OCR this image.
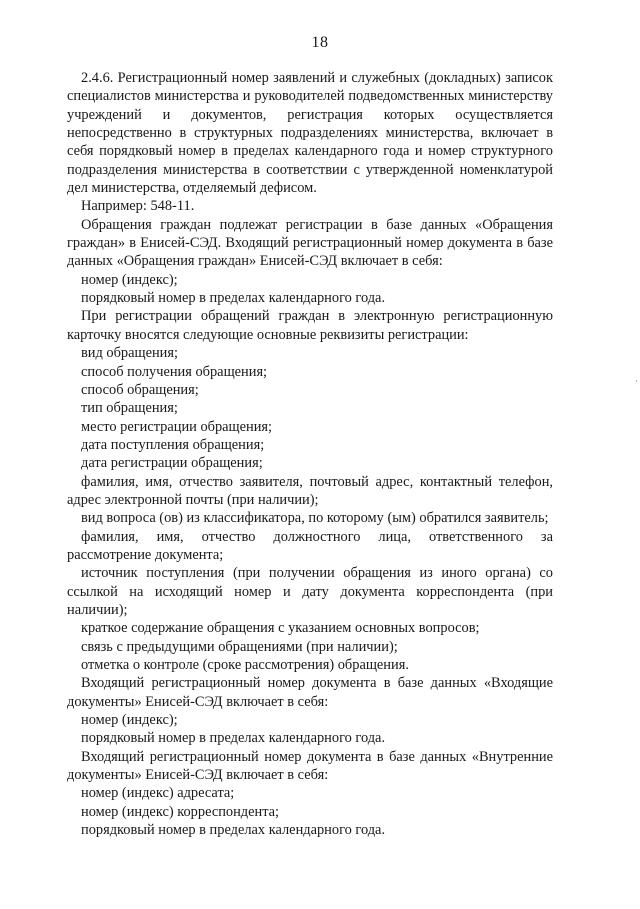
18

2.4.6. Регистрационный номер заявлений и служебных (докладных) записок специалистов министерства и руководителей подведомственных министерству учреждений и документов, регистрация которых осуществляется непосредственно в структурных подразделениях министерства, включает в себя порядковый номер в пределах календарного года и номер структурного подразделения министерства в соответствии с утвержденной номенклатурой дел министерства, отделяемый дефисом.

Например: 548-11.

Обращения граждан подлежат регистрации в базе данных «Обращения граждан» в Енисей-СЭД. Входящий регистрационный номер документа в базе данных «Обращения граждан» Енисей-СЭД включает в себя:

номер (индекс);

порядковый номер в пределах календарного года.

При регистрации обращений граждан в электронную регистрационную карточку вносятся следующие основные реквизиты регистрации:

вид обращения;

способ получения обращения;

способ обращения;

тип обращения;

место регистрации обращения;

дата поступления обращения;

дата регистрации обращения;

фамилия, имя, отчество заявителя, почтовый адрес, контактный телефон, адрес электронной почты (при наличии);

вид вопроса (ов) из классификатора, по которому (ым) обратился заявитель;

фамилия, имя, отчество должностного лица, ответственного за рассмотрение документа;

источник поступления (при получении обращения из иного органа) со ссылкой на исходящий номер и дату документа корреспондента (при наличии);

краткое содержание обращения с указанием основных вопросов;

связь с предыдущими обращениями (при наличии);

отметка о контроле (сроке рассмотрения) обращения.

Входящий регистрационный номер документа в базе данных «Входящие документы» Енисей-СЭД включает в себя:

номер (индекс);

порядковый номер в пределах календарного года.

Входящий регистрационный номер документа в базе данных «Внутренние документы» Енисей-СЭД включает в себя:

номер (индекс) адресата;

номер (индекс) корреспондента;

порядковый номер в пределах календарного года.
